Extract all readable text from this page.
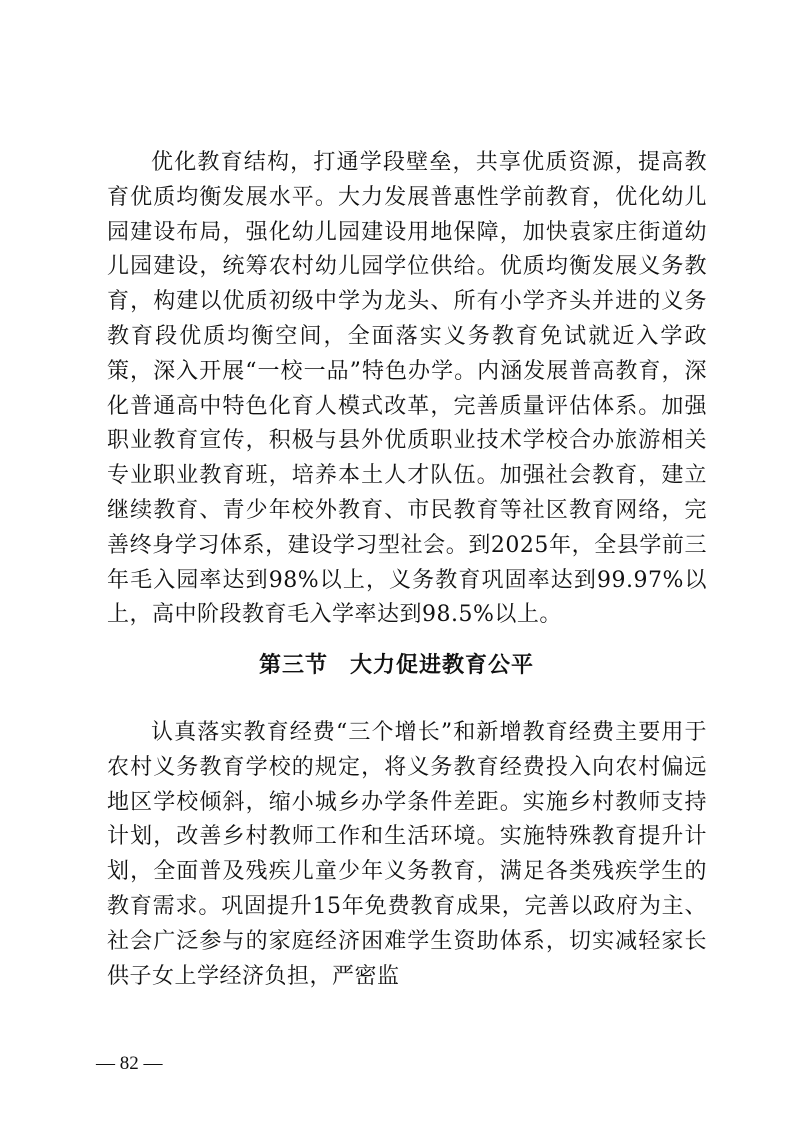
优化教育结构，打通学段壁垒，共享优质资源，提高教育优质均衡发展水平。大力发展普惠性学前教育，优化幼儿园建设布局，强化幼儿园建设用地保障，加快袁家庄街道幼儿园建设，统筹农村幼儿园学位供给。优质均衡发展义务教育，构建以优质初级中学为龙头、所有小学齐头并进的义务教育段优质均衡空间，全面落实义务教育免试就近入学政策，深入开展“一校一品”特色办学。内涵发展普高教育，深化普通高中特色化育人模式改革，完善质量评估体系。加强职业教育宣传，积极与县外优质职业技术学校合办旅游相关专业职业教育班，培养本土人才队伍。加强社会教育，建立继续教育、青少年校外教育、市民教育等社区教育网络，完善终身学习体系，建设学习型社会。到2025年，全县学前三年毛入园率达到98%以上，义务教育巩固率达到99.97%以上，高中阶段教育毛入学率达到98.5%以上。

第三节 大力促进教育公平

认真落实教育经费“三个增长”和新增教育经费主要用于农村义务教育学校的规定，将义务教育经费投入向农村偏远地区学校倾斜，缩小城乡办学条件差距。实施乡村教师支持计划，改善乡村教师工作和生活环境。实施特殊教育提升计划，全面普及残疾儿童少年义务教育，满足各类残疾学生的教育需求。巩固提升15年免费教育成果，完善以政府为主、社会广泛参与的家庭经济困难学生资助体系，切实减轻家长供子女上学经济负担，严密监

— 82 —
